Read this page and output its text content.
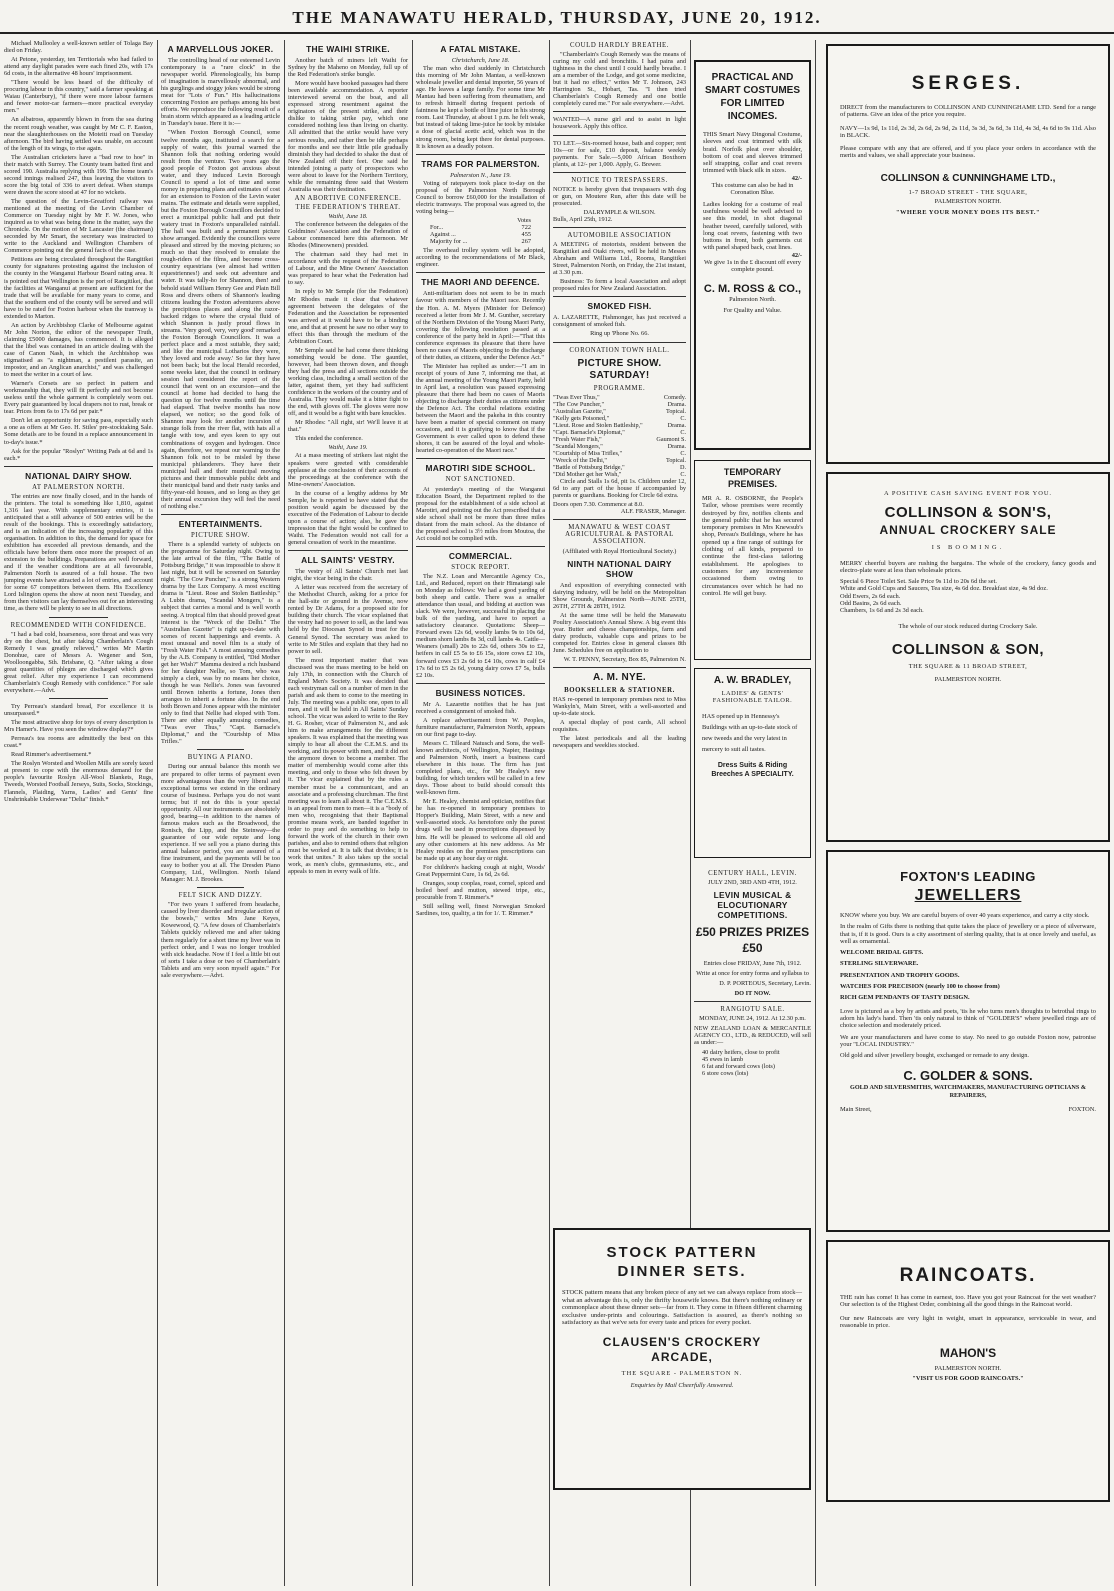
THE MANAWATU HERALD, THURSDAY, JUNE 20, 1912.

Michael Mullooley a well-known settler of Tolaga Bay died on Friday.

At Petone, yesterday, ten Territorials who had failed to attend any daylight parades were each fined 20s, with 17s 6d costs, in the alternative 48 hours' imprisonment.

"There would be less heard of the difficulty of procuring labour in this country," said a farmer speaking at Waiau (Canterbury), "if there were more labour farmers and fewer motor-car farmers—more practical everyday men."

An albatross, apparently blown in from the sea during the recent rough weather, was caught by Mr C. F. Easton, near the slaughterhouses on the Moteiti road on Tuesday afternoon. The bird having settled was unable, on account of the length of its wings, to rise again.

The Australian cricketers have a "bad row to hoe" in their match with Surrey. The County team batted first and scored 190. Australia replying with 199. The home team's second innings realised 247, thus leaving the visitors to score the big total of 336 to avert defeat. When stumps were drawn the score stood at 47 for no wickets.

The question of the Levin-Greatford railway was mentioned at the meeting of the Levin Chamber of Commerce on Tuesday night by Mr F. W. Jones, who inquired as to what was being done in the matter, says the Chronicle. On the motion of Mr Lancaster (the chairman) seconded by Mr Smart, the secretary was instructed to write to the Auckland and Wellington Chambers of Commerce pointing out the general facts of the case.

Petitions are being circulated throughout the Rangitikei county for signatures protesting against the inclusion of the county in the Wanganui Harbour Board rating area. It is pointed out that Wellington is the port of Rangitikei, that the facilities at Wanganui at present are sufficient for the trade that will be available for many years to come, and that the southern end of the county will be served and will have to be rated for Foxton harbour when the tramway is extended to Marton.

An action by Archbishop Clarke of Melbourne against Mr John Norton, the editor of the newspaper Truth, claiming £5000 damages, has commenced. It is alleged that the libel was contained in an article dealing with the case of Canon Nash, in which the Archbishop was stigmatised as "a nightman, a pestilent parasite, an impostor, and an Anglican anarchist," and was challenged to meet the writer in a court of law.

Warner's Corsets are so perfect in pattern and workmanship that, they will fit perfectly and not become useless until the whole garment is completely worn out. Every pair guaranteed by local drapers not to rust, break or tear. Prices from 6s to 17s 6d per pair.*

Don't let an opportunity for saving pass, especially such a one as offers at Mr Geo. H. Stiles' pre-stocktaking Sale. Some details are to be found in a replace announcement in to-day's issue.*

Ask for the popular "Roslyn" Writing Pads at 6d and 1s each.*

NATIONAL DAIRY SHOW.
AT PALMERSTON NORTH.

The entries are now finally closed, and in the hands of the printers. The total is something like 1,810, against 1,316 last year. With supplementary entries, it is anticipated that a still advance of 500 entries will be the result of the bookings. This is exceedingly satisfactory, and is an indication of the increasing popularity of this organisation. In addition to this, the demand for space for exhibition has exceeded all previous demands, and the officials have before them once more the prospect of an extension to the buildings. Preparations are well forward, and if the weather conditions are at all favourable, Palmerston North is assured of a full house. The two jumping events have attracted a lot of entries, and account for some 67 competitors between them. His Excellency Lord Islington opens the show at noon next Tuesday, and from then visitors can lay themselves out for an interesting time, as there will be plenty to see in all directions.

RECOMMENDED WITH CONFIDENCE.

"I had a bad cold, hoarseness, sore throat and was very dry on the chest, but after taking Chamberlain's Cough Remedy I was greatly relieved," writes Mr Martin Donohue, care of Messrs A. Wegener and Son, Woolloongabba, Sth. Brisbane, Q. "After taking a dose great quantities of phlegm are discharged which gives great relief. After my experience I can recommend Chamberlain's Cough Remedy with confidence." For sale everywhere.—Advt.

Try Perreau's standard bread, For excellence it is unsurpassed.*

The most attractive shop for toys of every description is Mrs Hamer's. Have you seen the window display?*

Perreau's tea rooms are admittedly the best on this coast.*

Read Rimmer's advertisement.*

The Roslyn Worsted and Woollen Mills are sorely taxed at present to cope with the enormous demand for the people's favourite Roslyn All-Wool Blankets, Rugs, Tweeds, Worsted Football Jerseys, Suits, Socks, Stockings, Flannels, Plaiding, Yarns, Ladies' and Gents' fine Unshrinkable Underwear "Delta" finish.*

A MARVELLOUS JOKER.

The controlling head of our esteemed Levin contemporary is a "rare clock" in the newspaper world. Phrenologically, his bump of imagination is marvellously abnormal, and his gurglings and stoggy jokes would be strong meat for "Lots o' Fun." His hallucinations concerning Foxton are perhaps among his best efforts. We reproduce the following result of a brain storm which appeared as a leading article in Tuesday's issue. Here it is:—

"When Foxton Borough Council, some twelve months ago, instituted a search for a supply of water, this journal warned the Shannon folk that nothing ordering would result from the venture. Two years ago the good people of Foxton got anxious about water, and they induced Levin Borough Council to spend a lot of time and some money in preparing plans and estimates of cost for an extension to Foxton of the Levin water mains. The estimate and details were supplied, but the Foxton Borough Councillors decided to erect a municipal public hall and put their watery trust in Foxton's unparalleled rainfall. The hall was built and a permanent picture show arranged. Evidently the councillors were pleased and stirred by the moving pictures; so much so that they resolved to emulate the rough-riders of the films, and become cross-country equestrians (we almost had written equestriennes!) and seek out adventure and water. It was tally-ho for Shannon, then! and behold staid William Henry Gee and Plain Bill Ross and divers others of Shannon's leading citizens leading the Foxton adventurers above the precipitous places and along the razor-backed ridges to where the crystal fluid of which Shannon is justly proud flows in streams. 'Very good, very, very good' remarked the Foxton Borough Councillors. It was a perfect place and a most suitable, they said; and like the municipal Lotharios they were, 'they loved and rode away.' So far they have not been back; but the local Herald recorded, some weeks later, that the council in ordinary session had considered the report of the council that went on an excursion—and the council at home had decided to hang the question up for twelve months until the time had elapsed. That twelve months has now elapsed, we notice; so the good folk of Shannon may look for another incursion of strange folk from the river flat, with hats all a tangle with tow, and eyes keen to spy out combinations of oxygen and hydrogen. Once again, therefore, we repeat our warning to the Shannon folk not to be misled by these municipal philanderers. They have their municipal hall and their municipal moving pictures and their immovable public debt and their municipal band and their rusty tanks and fifty-year-old houses, and so long as they get their annual excursion they will feel the need of nothing else."

ENTERTAINMENTS.
PICTURE SHOW.

There is a splendid variety of subjects on the programme for Saturday night. Owing to the late arrival of the film, "The Battle of Pottsburg Bridge," it was impossible to show it last night, but it will be screened on Saturday night. "The Cow Puncher," is a strong Western drama by the Lux Company. A most exciting drama is "Lieut. Rose and Stolen Battleship." A Lubin drama, "Scandal Mongers," is a subject that carries a moral and is well worth seeing. A tropical film that should proved great interest is the "Wreck of the Delhi." The "Australian Gazette" is right up-to-date with scenes of recent happenings and events. A most unusual and novel film is a study of "Fresh Water Fish." A most amusing comedies by the A.B. Company is entitled, "Did Mother get her Wish?" Mamma desired a rich husband for her daughter Nellie, so Tom, who was simply a clerk, was by no means her choice, though he was Nellie's. Jones was favoured until Brown inherits a fortune, Jones then arranges to inherit a fortune also. In the end both Brown and Jones appear with the minister only to find that Nellie had eloped with Tom. There are other equally amusing comedies, "Twas ever Thus," "Capt. Barnacle's Diplomat," and the "Courtship of Miss Trifles."

BUYING A PIANO.

During our annual balance this month we are prepared to offer terms of payment even more advantageous than the very liberal and exceptional terms we extend in the ordinary course of business. Perhaps you do not want terms; but if not do this is your special opportunity. All our instruments are absolutely good, bearing—in addition to the names of famous makes such as the Broadwood, the Ronisch, the Lipp, and the Steinway—the guarantee of our wide repute and long experience. If we sell you a piano during this annual balance period, you are assured of a fine instrument, and the payments will be too easy to bother you at all. The Dresden Piano Company, Ltd., Wellington. North Island Manager: M. J. Brookes.

FELT SICK AND DIZZY.

"For two years I suffered from headache, caused by liver disorder and irregular action of the bowels," writes Mrs Jane Keyes, Kowewood, Q. "A few doses of Chamberlain's Tablets quickly relieved me and after taking them regularly for a short time my liver was in perfect order, and I was no longer troubled with sick headache. Now if I feel a little bit out of sorts I take a dose or two of Chamberlain's Tablets and am very soon myself again." For sale everywhere.—Advt.

THE WAIHI STRIKE.

Another batch of miners left Waihi for Sydney by the Maheno on Monday, full up of the Red Federation's strike bungle.

More would have booked passages had there been available accommodation. A reporter interviewed several on the boat, and all expressed strong resentment against the originators of the present strike, and their dislike to taking strike pay, which one considered nothing less than living on charity. All admitted that the strike would have very serious results, and rather then be idle perhaps for months and see their little pile gradually diminish they had decided to shake the dust of New Zealand off their feet. One said he intended joining a party of prospectors who were about to leave for the Northern Territory, while the remaining three said that Western Australia was their destination.

AN ABORTIVE CONFERENCE.
THE FEDERATION'S THREAT.
Waihi, June 18.

The conference between the delegates of the Goldmines' Association and the Federation of Labour commenced here this afternoon. Mr Rhodes (Mineowners) presided.

The chairman said they had met in accordance with the request of the Federation of Labour, and the Mine Owners' Association was prepared to hear what the Federation had to say.

In reply to Mr Semple (for the Federation) Mr Rhodes made it clear that whatever agreement between the delegates of the Federation and the Association be represented was arrived at it would have to be a binding one, and that at present he saw no other way to effect this than through the medium of the Arbitration Court.

Mr Semple said he had come there thinking something would be done. The gauntlet, however, had been thrown down, and though they had the press and all sections outside the working class, including a small section of the latter, against them, yet they had sufficient confidence in the workers of the country and of Australia. They would make it a bitter fight to the end, with gloves off. The gloves were now off, and it would be a fight with bare knuckles.

Mr Rhodes: "All right, sir! We'll leave it at that."

This ended the conference.

Waihi, June 19.

At a mass meeting of strikers last night the speakers were greeted with considerable applause at the conclusion of their accounts of the proceedings at the conference with the Mine-owners' Association.

In the course of a lengthy address by Mr Semple, he is reported to have stated that the position would again be discussed by the executive of the Federation of Labour to decide upon a course of action; also, he gave the impression that the fight would be confined to Waihi. The Federation would not call for a general cessation of work in the meantime.

ALL SAINTS' VESTRY.

The vestry of All Saints' Church met last night, the vicar being in the chair.

A letter was received from the secretary of the Methodist Church, asking for a price for the hall-site or ground in the Avenue, now rented by Dr Adams, for a proposed site for building their church. The vicar explained that the vestry had no power to sell, as the land was held by the Diocesan Synod in trust for the General Synod. The secretary was asked to write to Mr Stiles and explain that they had no power to sell.

The most important matter that was discussed was the mass meeting to be held on July 17th, in connection with the Church of England Men's Society. It was decided that each vestryman call on a number of men in the parish and ask them to come to the meeting in July. The meeting was a public one, open to all men, and it will be held in All Saints' Sunday school. The vicar was asked to write to the Rev H. G. Rosher, vicar of Palmerston N., and ask him to make arrangements for the different speakers. It was explained that the meeting was simply to hear all about the C.E.M.S. and its working, and its power with men, and it did not the anymore down to become a member. The matter of membership would come after this meeting, and only to those who felt drawn by it. The vicar explained that by the rules a member must be a communicant, and an associate and a professing churchman. The first meeting was to learn all about it. The C.E.M.S. is an appeal from men to men—it is a "body of men who, recognising that their Baptismal promise means work, are banded together in order to pray and do something to help to forward the work of the church in their own parishes, and also to remind others that religion must be worked at. It is talk that divides; it is work that unites." It also takes up the social work, as men's clubs, gymnasiums, etc., and appeals to men in every walk of life.

A FATAL MISTAKE.
Christchurch, June 18.

The man who died suddenly in Christchurch this morning of Mr John Mantau, a well-known wholesale jeweller and dental importer, 56 years of age. He leaves a large family. For some time Mr Mantau had been suffering from rheumatism, and to refresh himself during frequent periods of faintness he kept a bottle of lime juice in his strong room. Last Thursday, at about 1 p.m. he felt weak, but instead of taking lime-juice he took by mistake a dose of glacial acetic acid, which was in the strong room, being kept there for dental purposes. It is known as a deadly poison.

TRAMS FOR PALMERSTON.
Palmerston N., June 19.

Voting of ratepayers took place to-day on the proposal of the Palmerston North Borough Council to borrow £60,000 for the installation of electric tramways. The proposal was agreed to, the voting being—

Votes
For...	722
Against ...	455
Majority for ...	267

The overhead trolley system will be adopted, according to the recommendations of Mr Black, engineer.

THE MAORI AND DEFENCE.

Anti-militarism does not seem to be in much favour with members of the Maori race. Recently the Hon. A. M. Myers (Minister for Defence) received a letter from Mr J. M. Gunther, secretary of the Northern Division of the Young Maori Party, covering the following resolution passed at a conference of the party held in April:—"That this conference expresses its pleasure that there have been no cases of Maoris objecting to the discharge of their duties, as citizens, under the Defence Act."

The Minister has replied as under:—"I am in receipt of yours of June 7, informing me that, at the annual meeting of the Young Maori Party, held in April last, a resolution was passed expressing pleasure that there had been no cases of Maoris objecting to discharge their duties as citizens under the Defence Act. The cordial relations existing between the Maori and the pakeha in this country have been a matter of special comment on many occasions, and it is gratifying to know that if the Government is ever called upon to defend these shores, it can be assured of the loyal and whole-hearted co-operation of the Maori race."

MAROTIRI SIDE SCHOOL.
NOT SANCTIONED.

At yesterday's meeting of the Wanganui Education Board, the Department replied to the proposal for the establishment of a side school at Marotiri, and pointing out the Act prescribed that a side school shall not be more than three miles distant from the main school. As the distance of the proposed school is 3½ miles from Moutoa, the Act could not be complied with.

COMMERCIAL.
STOCK REPORT.

The N.Z. Loan and Mercantile Agency Co., Ltd., and Reduced, report on their Himatangi sale on Monday as follows: We had a good yarding of both sheep and cattle. There was a smaller attendance than usual, and bidding at auction was slack. We were, however, successful in placing the bulk of the yarding, and have to report a satisfactory clearance. Quotations: Sheep—Forward ewes 12s 6d, woolly lambs 9s to 10s 6d, medium shorn lambs 8s 3d, cull lambs 4s. Cattle—Weaners (small) 20s to 22s 6d, others 30s to £2, heifers in calf £5 5s to £6 15s, store cows £2 10s, forward cows £3 2s 6d to £4 10s, cows in calf £4 17s 6d to £5 2s 6d, young dairy cows £7 5s, bulls £2 10s.

BUSINESS NOTICES.

Mr A. Lazarette notifies that he has just received a consignment of smoked fish.

A replace advertisement from W. Peoples, furniture manufacturer, Palmerston North, appears on our first page to-day.

Messrs C. Tilleard Natusch and Sons, the well-known architects, of Wellington, Napier, Hastings and Palmerston North, insert a business card elsewhere in this issue. The firm has just completed plans, etc., for Mr Healey's new building, for which tenders will be called in a few days. Those about to build should consult this well-known firm.

Mr E. Healey, chemist and optician, notifies that he has re-opened in temporary premises to Hopper's Building, Main Street, with a new and well-assorted stock. As heretofore only the purest drugs will be used in prescriptions dispensed by him. He will be pleased to welcome all old and any other customers at his new address. As Mr Healey resides on the premises prescriptions can be made up at any hour day or night.

For children's hacking cough at night, Woods' Great Peppermint Cure, 1s 6d, 2s 6d.

Oranges, soup cooplas, roast, cornel, spiced and boiled beef and mutton, stewed tripe, etc., procurable from T. Rimmer's.*

Still selling well, finest Norwegian Smoked Sardines, too, quality, a tin for 1/. T. Rimmer.*

COULD HARDLY BREATHE.

"Chamberlain's Cough Remedy was the means of curing my cold and bronchitis. I had pains and tightness in the chest until I could hardly breathe. I am a member of the Lodge, and got some medicine, but it had no effect," writes Mr T. Johnson, 243 Harrington St., Hobart, Tas. "I then tried Chamberlain's Cough Remedy and one bottle completely cured me." For sale everywhere.—Advt.

WANTED—A nurse girl and to assist in light housework. Apply this office.

TO LET.—Six-roomed house, bath and copper; rent 10s—or for sale, £10 deposit, balance weekly payments. For Sale.—5,000 African Boxthorn plants, at 12/- per 1,000. Apply, G. Brewer.

NOTICE TO TRESPASSERS.

NOTICE is hereby given that trespassers with dog or gun, on Moutere Run, after this date will be prosecuted.

DALRYMPLE & WILSON.
Bulls, April 25th, 1912.
AUTOMOBILE ASSOCIATION

A MEETING of motorists, resident between the Rangitikei and Otaki rivers, will be held in Messrs Abraham and Williams Ltd., Rooms, Rangitikei Street, Palmerston North, on Friday, the 21st instant, at 3.30 p.m.

Business: To form a local Association and adopt proposed rules for New Zealand Association.

SMOKED FISH.

A. LAZARETTE, Fishmonger, has just received a consignment of smoked fish.

Ring up 'Phone No. 66.
CORONATION TOWN HALL.
PICTURE SHOW. SATURDAY!
PROGRAMME.
"Twas Ever Thus,"	Comedy.
"The Cow Puncher,"	Drama.
"Australian Gazette,"	Topical.
"Kelly gets Poisoned,"	C.
"Lieut. Rose and Stolen Battleship,"	Drama.
"Capt. Barnacle's Diplomat,"	C.
"Fresh Water Fish,"	Gaumont S.
"Scandal Mongers,"	Drama.
"Courtship of Miss Trifles,"	C.
"Wreck of the Delhi,"	Topical.
"Battle of Pottsburg Bridge,"	D.
"Did Mother get her Wish,"	C.

Circle and Stalls 1s 6d, pit 1s. Children under 12, 6d to any part of the house if accompanied by parents or guardians. Booking for Circle 6d extra.

Doors open 7.30. Commence at 8.0.
ALF. FRASER, Manager.
MANAWATU & WEST COAST AGRICULTURAL & PASTORAL ASSOCIATION.
(Affiliated with Royal Horticultural Society.)
NINTH NATIONAL DAIRY SHOW

And exposition of everything connected with dairying industry, will be held on the Metropolitan Show Grounds, Palmerston North—JUNE 25TH, 26TH, 27TH & 28TH, 1912.

At the same time will be held the Manawatu Poultry Association's Annual Show. A big event this year. Butter and cheese championships, farm and dairy products, valuable cups and prizes to be competed for. Entries close in general classes 8th June. Schedules free on application to

W. T. PENNY, Secretary, Box 85, Palmerston N.
A. M. NYE.
BOOKSELLER & STATIONER.

HAS re-opened in temporary premises next to Miss Wankyln's, Main Street, with a well-assorted and up-to-date stock.

A special display of post cards, All school requisites.

The latest periodicals and all the leading newspapers and weeklies stocked.

STOCK PATTERN
DINNER SETS.

STOCK pattern means that any broken piece of any set we can always replace from stock—what an advantage this is, only the thrifty housewife knows. But there's nothing ordinary or commonplace about these dinner sets—far from it. They come in fifteen different charming exclusive under-prints and colourings. Satisfaction is assured, as there's nothing so satisfactory as that we've sets for every taste and prices for every pocket.

CLAUSEN'S CROCKERY
ARCADE,
THE SQUARE - PALMERSTON N.
Enquiries by Mail Cheerfully Answered.
PRACTICAL AND SMART COSTUMES FOR LIMITED INCOMES.

THIS Smart Navy Dingonal Costume, sleeves and coat trimmed with silk braid. Norfolk pleat over shoulder, bottom of coat and sleeves trimmed self strapping, collar and coat revers trimmed with black silk in sizes.

42/-

This costume can also be had in Coronation Blue.

Ladies looking for a costume of real usefulness would be well advised to see this model, in shot diagonal heather tweed, carefully tailored, with long coat revers, fastening with two buttons in front, both garments cut with panel shaped back, coat lines.

42/-

We give 1s in the £ discount off every complete pound.

C. M. ROSS & CO.,
Palmerston North.
For Quality and Value.
TEMPORARY PREMISES.

MR A. R. OSBORNE, the People's Tailor, whose premises were recently destroyed by fire, notifies clients and the general public that he has secured temporary premises in Mrs Knewsub's shop, Pereau's Buildings, where he has opened up a fine range of suitings for clothing of all kinds, prepared to continue the first-class tailoring establishment. He apologises to customers for any inconvenience occasioned them owing to circumstances over which he had no control. He will get busy.

A. W. BRADLEY,
LADIES' & GENTS' FASHIONABLE TAILOR.

HAS opened up in Hennessy's Buildings with an up-to-date stock of new tweeds and the very latest in mercery to suit all tastes.

Dress Suits & Riding Breeches A SPECIALITY.
CENTURY HALL, LEVIN.
JULY 2ND, 3RD AND 4TH, 1912.
LEVIN MUSICAL & ELOCUTIONARY COMPETITIONS.
£50 PRIZES PRIZES £50
Entries close FRIDAY, June 7th, 1912.
Write at once for entry forms and syllabus to
D. P. PORTEOUS, Secretary, Levin.
DO IT NOW.
RANGIOTU SALE.
MONDAY, JUNE 24, 1912. At 12.30 p.m.

NEW ZEALAND LOAN & MERCANTILE AGENCY CO., LTD., & REDUCED, will sell as under:—

40 dairy heifers, close to profit
45 ewes in lamb
6 fat and forward cows (lots)
6 store cows (lots)
SERGES.

DIRECT from the manufacturers to COLLINSON AND CUNNINGHAME LTD. Send for a range of patterns. Give an idea of the price you require.

NAVY—1s 9d, 1s 11d, 2s 3d, 2s 6d, 2s 9d, 2s 11d, 3s 3d, 3s 6d, 3s 11d, 4s 3d, 4s 6d to 9s 11d. Also in BLACK.

Please compare with any that are offered, and if you place your orders in accordance with the merits and values, we shall appreciate your business.

COLLINSON & CUNNINGHAME LTD.,
1-7 BROAD STREET - THE SQUARE,
PALMERSTON NORTH.
"WHERE YOUR MONEY DOES ITS BEST."
A POSITIVE CASH SAVING EVENT FOR YOU.
COLLINSON & SON'S,
ANNUAL CROCKERY SALE
IS BOOMING.

MERRY cheerful buyers are rushing the bargains. The whole of the crockery, fancy goods and electro-plate ware at less than wholesale prices.

Special 6 Piece Toilet Set. Sale Price 9s 11d to 20s 6d the set.
White and Gold Cups and Saucers, Tea size, 4s 6d doz. Breakfast size, 4s 9d doz.
Odd Ewers, 2s 6d each.
Odd Basins, 2s 6d each.
Chambers, 1s 6d and 2s 3d each.

The whole of our stock reduced during Crockery Sale.

COLLINSON & SON,
THE SQUARE & 11 BROAD STREET,
PALMERSTON NORTH.
FOXTON'S LEADING
JEWELLERS

KNOW where you buy. We are careful buyers of over 40 years experience, and carry a city stock.

In the realm of Gifts there is nothing that quite takes the place of jewellery or a piece of silverware, that is, if it is good. Ours is a city assortment of sterling quality, that is at once lovely and useful, as well as ornamental.

WELCOME BRIDAL GIFTS.
STERLING SILVERWARE.
PRESENTATION AND TROPHY GOODS.
WATCHES FOR PRECISION (nearly 100 to choose from)
RICH GEM PENDANTS OF TASTY DESIGN.

Love is pictured as a boy by artists and poets, 'tis he who turns men's thoughts to betrothal rings to adorn his lady's hand. Then 'tis only natural to think of "GOLDER'S" where jewelled rings are of choice selection and moderately priced.

We are your manufacturers and have come to stay. No need to go outside Foxton now, patronise your "LOCAL INDUSTRY."

Old gold and silver jewellery bought, exchanged or remade to any design.

C. GOLDER & SONS.
GOLD AND SILVERSMITHS, WATCHMAKERS, MANUFACTURING OPTICIANS & REPAIRERS,
Main Street,	FOXTON.
RAINCOATS.

THE rain has come! It has come in earnest, too. Have you got your Raincoat for the wet weather? Our selection is of the Highest Order, combining all the good things in the Raincoat world.

Our new Raincoats are very light in weight, smart in appearance, serviceable in wear, and reasonable in price.

MAHON'S
PALMERSTON NORTH.
"VISIT US FOR GOOD RAINCOATS."
